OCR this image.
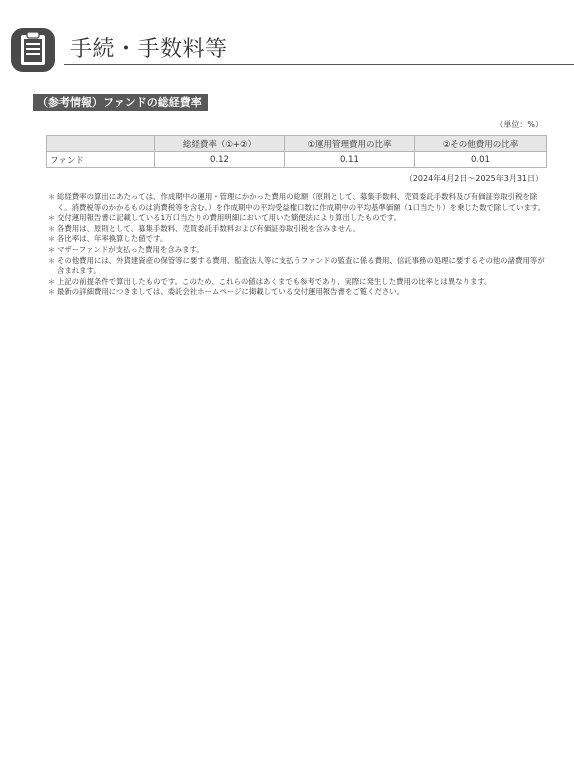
手続・手数料等
（参考情報）ファンドの総経費率
（単位：%）
	総経費率（①+②）	①運用管理費用の比率	②その他費用の比率
ファンド	0.12	0.11	0.01
（2024年4月2日～2025年3月31日）
＊ 総経費率の算出にあたっては、作成期中の運用・管理にかかった費用の総額（原則として、募集手数料、売買委託手数料及び有価証券取引税を除く。消費税等のかかるものは消費税等を含む。）を作成期中の平均受益権口数に作成期中の平均基準価額（1口当たり）を乗じた数で除しています。
＊ 交付運用報告書に記載している1万口当たりの費用明細において用いた簡便法により算出したものです。
＊ 各費用は、原則として、募集手数料、売買委託手数料および有価証券取引税を含みません。
＊ 各比率は、年率換算した値です。
＊ マザーファンドが支払った費用を含みます。
＊ その他費用には、外貨建資産の保管等に要する費用、監査法人等に支払うファンドの監査に係る費用、信託事務の処理に要するその他の諸費用等が含まれます。
＊ 上記の前提条件で算出したものです。このため、これらの値はあくまでも参考であり、実際に発生した費用の比率とは異なります。
＊ 最新の詳細費用につきましては、委託会社ホームページに掲載している交付運用報告書をご覧ください。
